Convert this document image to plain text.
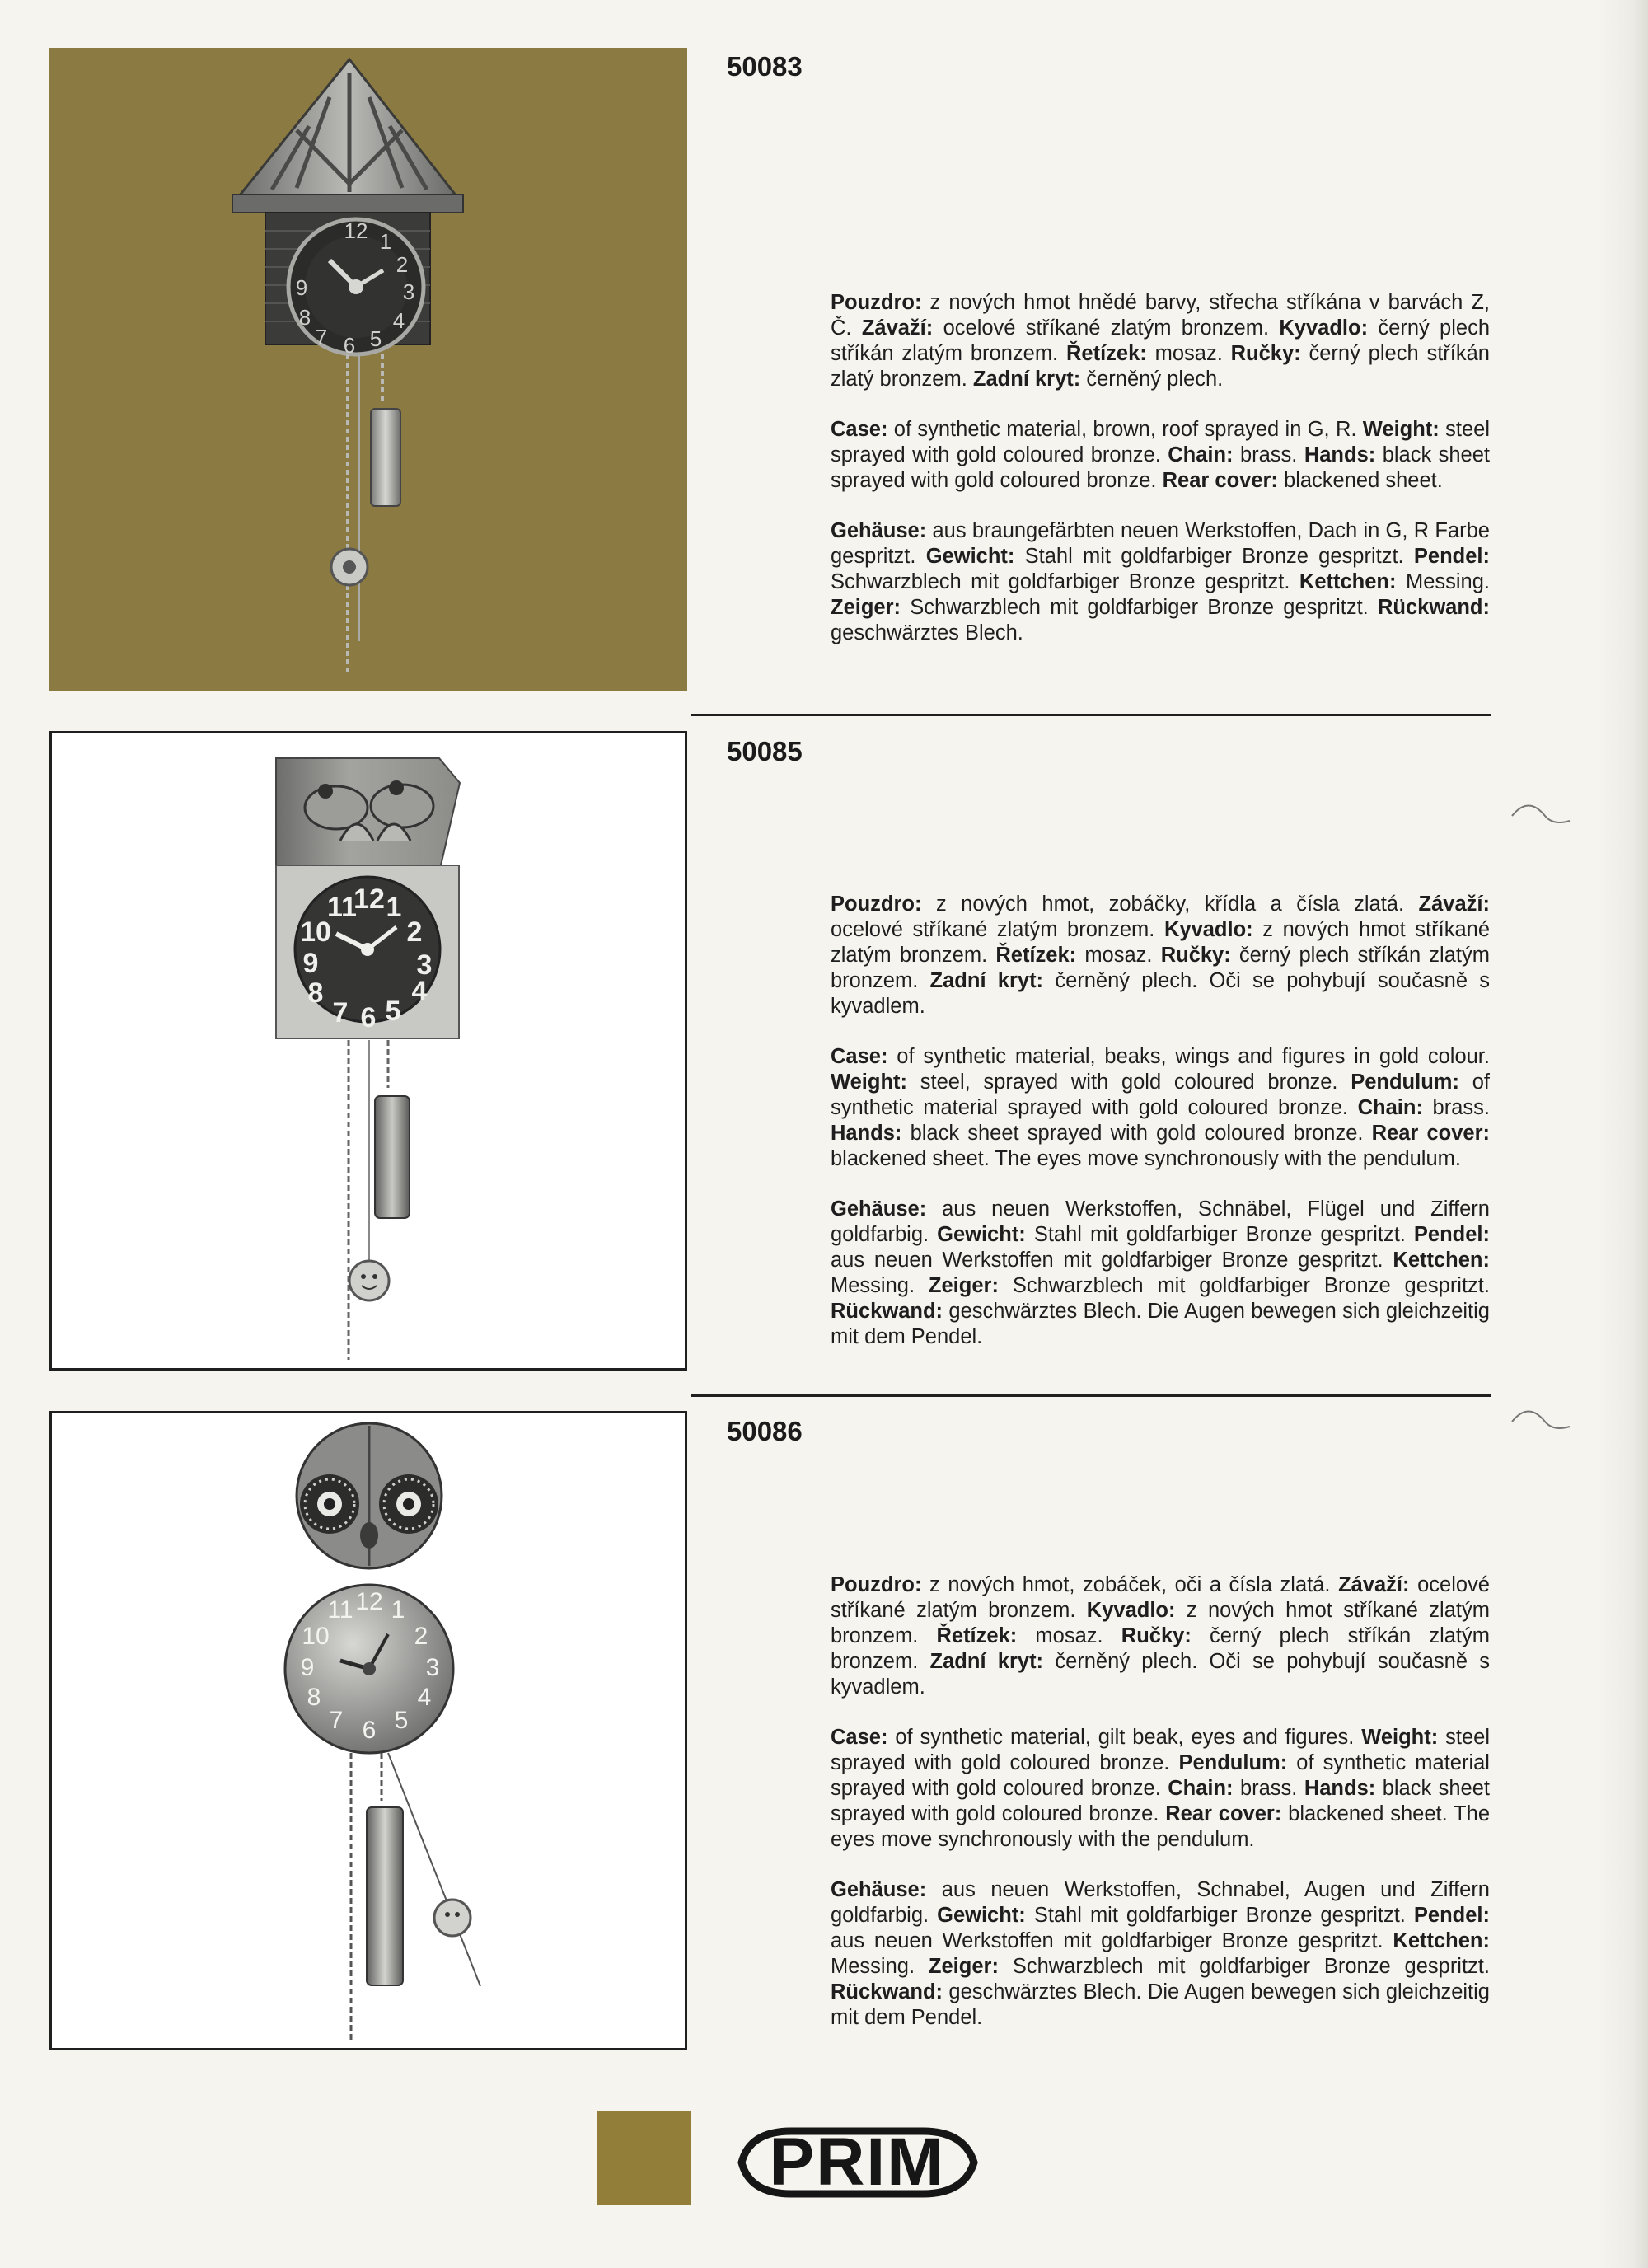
12 1
2
3
4
5
6
7
8
9
50083

Pouzdro: z nových hmot hnědé barvy, střecha stříkána v barvách Z, Č. Závaží: ocelové stříkané zlatým bronzem. Kyvadlo: černý plech stříkán zlatým bronzem. Řetízek: mosaz. Ručky: černý plech stříkán zlatý bronzem. Zadní kryt: černěný plech.

Case: of synthetic material, brown, roof sprayed in G, R. Weight: steel sprayed with gold coloured bronze. Chain: brass. Hands: black sheet sprayed with gold coloured bronze. Rear cover: blackened sheet.

Gehäuse: aus braungefärbten neuen Werkstoffen, Dach in G, R Farbe gespritzt. Gewicht: Stahl mit goldfarbiger Bronze gespritzt. Pendel: Schwarzblech mit goldfarbiger Bronze gespritzt. Kettchen: Messing. Zeiger: Schwarzblech mit goldfarbiger Bronze gespritzt. Rückwand: geschwärztes Blech.

11
12 1
10	2
9	3
8	4
7 6 5
50085

Pouzdro: z nových hmot, zobáčky, křídla a čísla zlatá. Závaží: ocelové stříkané zlatým bronzem. Kyvadlo: z nových hmot stříkané zlatým bronzem. Řetízek: mosaz. Ručky: černý plech stříkán zlatým bronzem. Zadní kryt: černěný plech. Oči se pohybují současně s kyvadlem.

Case: of synthetic material, beaks, wings and figures in gold colour. Weight: steel, sprayed with gold coloured bronze. Pendulum: of synthetic material sprayed with gold coloured bronze. Chain: brass. Hands: black sheet sprayed with gold coloured bronze. Rear cover: blackened sheet. The eyes move synchronously with the pendulum.

Gehäuse: aus neuen Werkstoffen, Schnäbel, Flügel und Ziffern goldfarbig. Gewicht: Stahl mit goldfarbiger Bronze gespritzt. Pendel: aus neuen Werkstoffen mit goldfarbiger Bronze gespritzt. Kettchen: Messing. Zeiger: Schwarzblech mit goldfarbiger Bronze gespritzt. Rückwand: geschwärztes Blech. Die Augen bewegen sich gleichzeitig mit dem Pendel.

12
11 1
10	2
9	3
8	4
7 6 5
50086

Pouzdro: z nových hmot, zobáček, oči a čísla zlatá. Závaží: ocelové stříkané zlatým bronzem. Kyvadlo: z nových hmot stříkané zlatým bronzem. Řetízek: mosaz. Ručky: černý plech stříkán zlatým bronzem. Zadní kryt: černěný plech. Oči se pohybují současně s kyvadlem.

Case: of synthetic material, gilt beak, eyes and figures. Weight: steel sprayed with gold coloured bronze. Pendulum: of synthetic material sprayed with gold coloured bronze. Chain: brass. Hands: black sheet sprayed with gold coloured bronze. Rear cover: blackened sheet. The eyes move synchronously with the pendulum.

Gehäuse: aus neuen Werkstoffen, Schnabel, Augen und Ziffern goldfarbig. Gewicht: Stahl mit goldfarbiger Bronze gespritzt. Pendel: aus neuen Werkstoffen mit goldfarbiger Bronze gespritzt. Kettchen: Messing. Zeiger: Schwarzblech mit goldfarbiger Bronze gespritzt. Rückwand: geschwärztes Blech. Die Augen bewegen sich gleichzeitig mit dem Pendel.

PRIM
